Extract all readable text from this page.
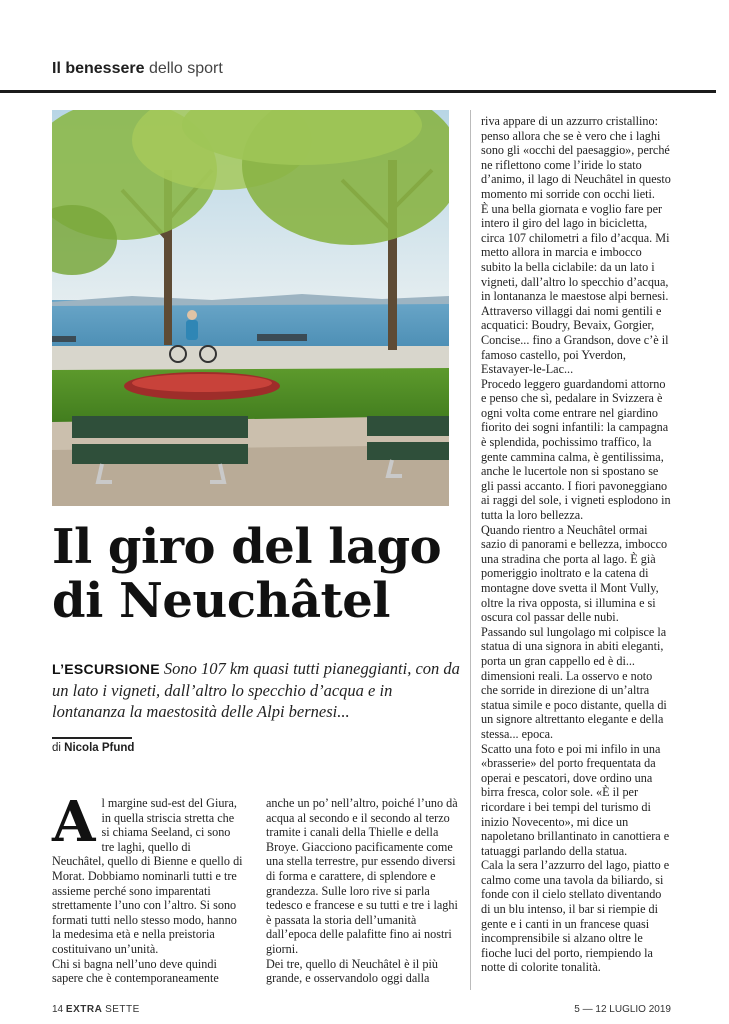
Il benessere dello sport
Il giro del lago
di Neuchâtel
L’ESCURSIONE Sono 107 km quasi tutti pianeggianti, con da un lato i vigneti, dall’altro lo specchio d’acqua e in lontananza la maestosità delle Alpi bernesi...
di Nicola Pfund
A l margine sud-est del Giura, in quella striscia stretta che si chiama Seeland, ci sono tre laghi, quello di Neuchâtel, quello di Bienne e quello di Morat. Dobbiamo nominarli tutti e tre assieme perché sono imparentati strettamente l’uno con l’altro. Si sono formati tutti nello stesso modo, hanno la medesima età e nella preistoria costituivano un’unità.

Chi si bagna nell’uno deve quindi sapere che è contemporaneamente

anche un po’ nell’altro, poiché l’uno dà acqua al secondo e il secondo al terzo tramite i canali della Thielle e della Broye. Giacciono pacificamente come una stella terrestre, pur essendo diversi di forma e carattere, di splendore e grandezza. Sulle loro rive si parla tedesco e francese e su tutti e tre i laghi è passata la storia dell’umanità dall’epoca delle palafitte fino ai nostri giorni.

Dei tre, quello di Neuchâtel è il più grande, e osservandolo oggi dalla

riva appare di un azzurro cristallino: penso allora che se è vero che i laghi sono gli «occhi del paesaggio», perché ne riflettono come l’iride lo stato d’animo, il lago di Neuchâtel in questo momento mi sorride con occhi lieti.

È una bella giornata e voglio fare per intero il giro del lago in bicicletta, circa 107 chilometri a filo d’acqua. Mi metto allora in marcia e imbocco subito la bella ciclabile: da un lato i vigneti, dall’altro lo specchio d’acqua, in lontananza le maestose alpi bernesi. Attraverso villaggi dai nomi gentili e acquatici: Boudry, Bevaix, Gorgier, Concise... fino a Grandson, dove c’è il famoso castello, poi Yverdon, Estavayer-le-Lac...

Procedo leggero guardandomi attorno e penso che sì, pedalare in Svizzera è ogni volta come entrare nel giardino fiorito dei sogni infantili: la campagna è splendida, pochissimo traffico, la gente cammina calma, è gentilissima, anche le lucertole non si spostano se gli passi accanto. I fiori pavoneggiano ai raggi del sole, i vigneti esplodono in tutta la loro bellezza.

Quando rientro a Neuchâtel ormai sazio di panorami e bellezza, imbocco una stradina che porta al lago. È già pomeriggio inoltrato e la catena di montagne dove svetta il Mont Vully, oltre la riva opposta, si illumina e si oscura col passar delle nubi.

Passando sul lungolago mi colpisce la statua di una signora in abiti eleganti, porta un gran cappello ed è di... dimensioni reali. La osservo e noto che sorride in direzione di un’altra statua simile e poco distante, quella di un signore altrettanto elegante e della stessa... epoca.

Scatto una foto e poi mi infilo in una «brasserie» del porto frequentata da operai e pescatori, dove ordino una birra fresca, color sole. «È il per ricordare i bei tempi del turismo di inizio Novecento», mi dice un napoletano brillantinato in canottiera e tatuaggi parlando della statua.

Cala la sera l’azzurro del lago, piatto e calmo come una tavola da biliardo, si fonde con il cielo stellato diventando di un blu intenso, il bar si riempie di gente e i canti in un francese quasi incomprensibile si alzano oltre le fioche luci del porto, riempiendo la notte di colorite tonalità.

14 EXTRA SETTE	5 — 12 LUGLIO 2019
